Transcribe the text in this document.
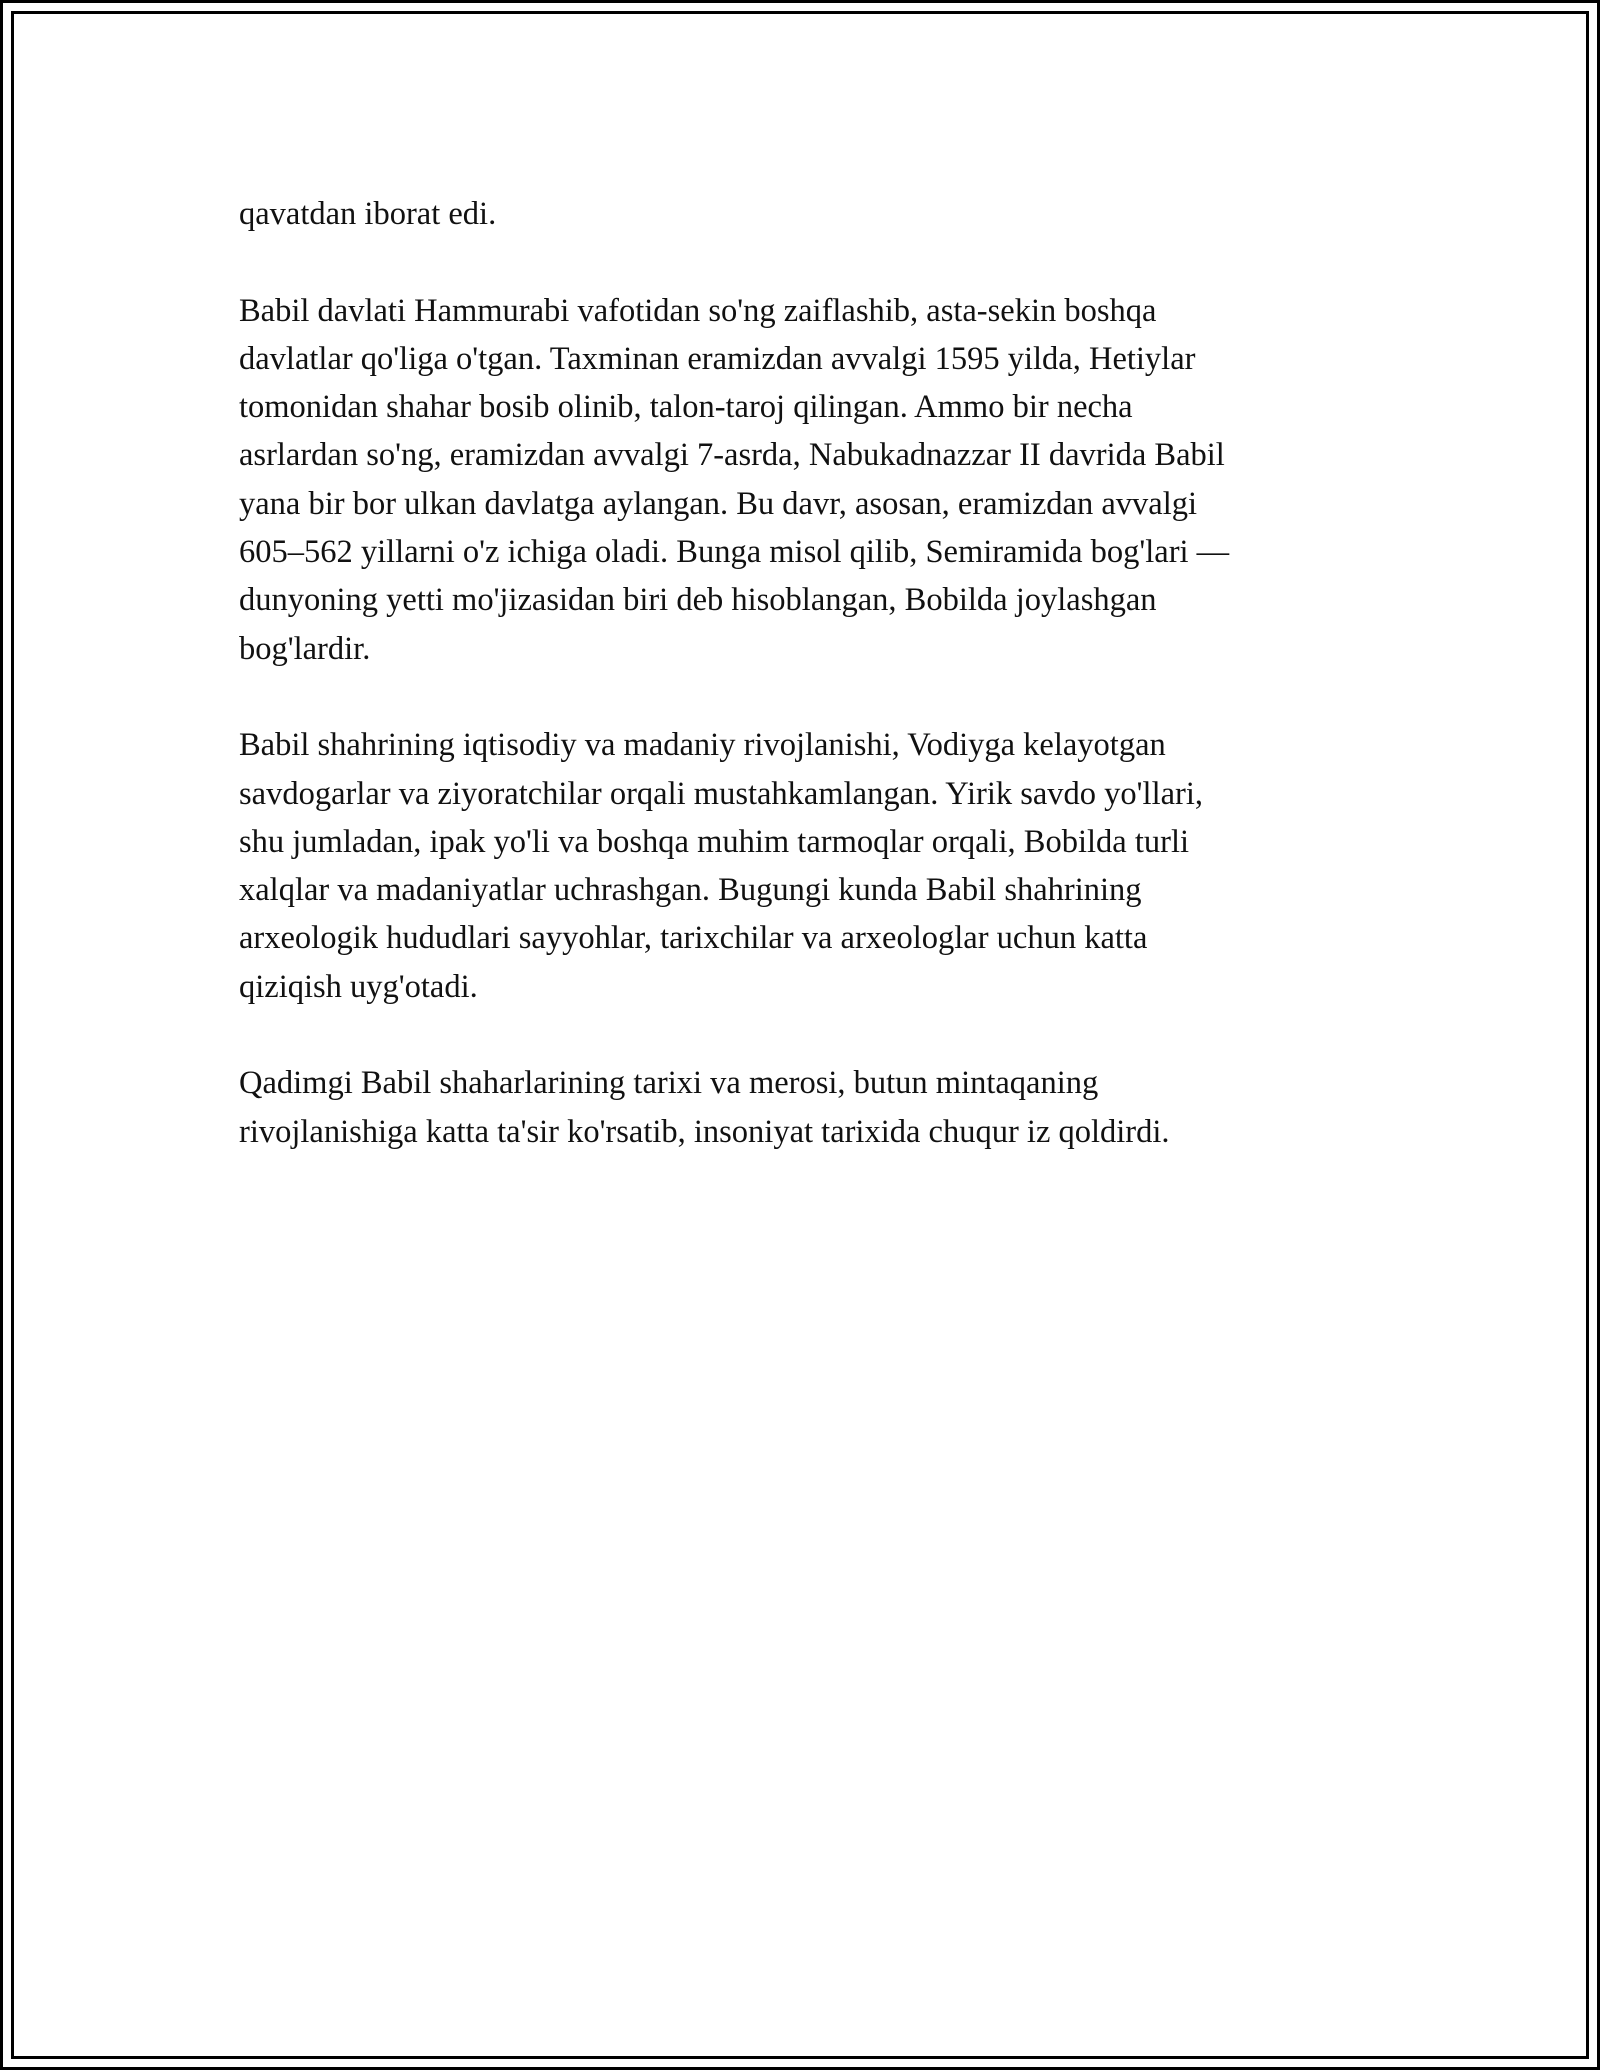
qavatdan iborat edi.

Babil davlati Hammurabi vafotidan so'ng zaiflashib, asta-sekin boshqa
davlatlar qo'liga o'tgan. Taxminan eramizdan avvalgi 1595 yilda, Hetiylar
tomonidan shahar bosib olinib, talon-taroj qilingan. Ammo bir necha
asrlardan so'ng, eramizdan avvalgi 7-asrda, Nabukadnazzar II davrida Babil
yana bir bor ulkan davlatga aylangan. Bu davr, asosan, eramizdan avvalgi
605–562 yillarni o'z ichiga oladi. Bunga misol qilib, Semiramida bog'lari —
dunyoning yetti mo'jizasidan biri deb hisoblangan, Bobilda joylashgan
bog'lardir.

Babil shahrining iqtisodiy va madaniy rivojlanishi, Vodiyga kelayotgan
savdogarlar va ziyoratchilar orqali mustahkamlangan. Yirik savdo yo'llari,
shu jumladan, ipak yo'li va boshqa muhim tarmoqlar orqali, Bobilda turli
xalqlar va madaniyatlar uchrashgan. Bugungi kunda Babil shahrining
arxeologik hududlari sayyohlar, tarixchilar va arxeologlar uchun katta
qiziqish uyg'otadi.

Qadimgi Babil shaharlarining tarixi va merosi, butun mintaqaning
rivojlanishiga katta ta'sir ko'rsatib, insoniyat tarixida chuqur iz qoldirdi.
